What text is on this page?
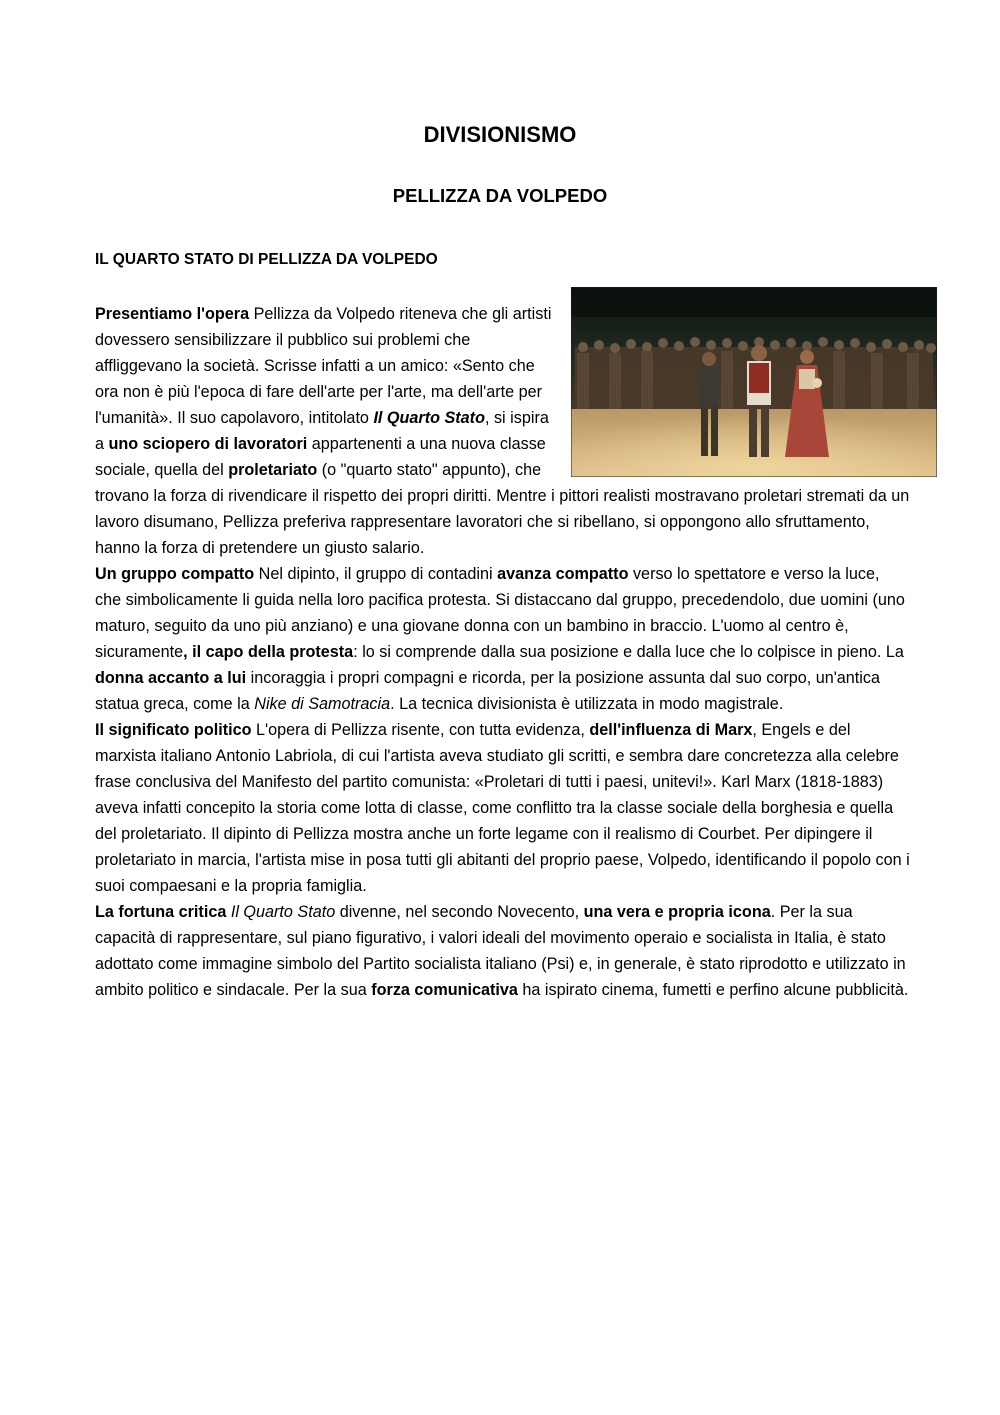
DIVISIONISMO
PELLIZZA DA VOLPEDO
IL QUARTO STATO DI PELLIZZA DA VOLPEDO

Presentiamo l'opera Pellizza da Volpedo riteneva che gli artisti dovessero sensibilizzare il pubblico sui problemi che affliggevano la società. Scrisse infatti a un amico: «Sento che ora non è più l'epoca di fare dell'arte per l'arte, ma dell'arte per l'umanità». Il suo capolavoro, intitolato Il Quarto Stato, si ispira a uno sciopero di lavoratori appartenenti a una nuova classe sociale, quella del proletariato (o "quarto stato" appunto), che trovano la forza di rivendicare il rispetto dei propri diritti. Mentre i pittori realisti mostravano proletari stremati da un lavoro disumano, Pellizza preferiva rappresentare lavoratori che si ribellano, si oppongono allo sfruttamento, hanno la forza di pretendere un giusto salario.

Un gruppo compatto Nel dipinto, il gruppo di contadini avanza compatto verso lo spettatore e verso la luce, che simbolicamente li guida nella loro pacifica protesta. Si distaccano dal gruppo, precedendolo, due uomini (uno maturo, seguito da uno più anziano) e una giovane donna con un bambino in braccio. L'uomo al centro è, sicuramente, il capo della protesta: lo si comprende dalla sua posizione e dalla luce che lo colpisce in pieno. La donna accanto a lui incoraggia i propri compagni e ricorda, per la posizione assunta dal suo corpo, un'antica statua greca, come la Nike di Samotracia. La tecnica divisionista è utilizzata in modo magistrale.

Il significato politico L'opera di Pellizza risente, con tutta evidenza, dell'influenza di Marx, Engels e del marxista italiano Antonio Labriola, di cui l'artista aveva studiato gli scritti, e sembra dare concretezza alla celebre frase conclusiva del Manifesto del partito comunista: «Proletari di tutti i paesi, unitevi!». Karl Marx (1818-1883) aveva infatti concepito la storia come lotta di classe, come conflitto tra la classe sociale della borghesia e quella del proletariato. Il dipinto di Pellizza mostra anche un forte legame con il realismo di Courbet. Per dipingere il proletariato in marcia, l'artista mise in posa tutti gli abitanti del proprio paese, Volpedo, identificando il popolo con i suoi compaesani e la propria famiglia.

La fortuna critica Il Quarto Stato divenne, nel secondo Novecento, una vera e propria icona. Per la sua capacità di rappresentare, sul piano figurativo, i valori ideali del movimento operaio e socialista in Italia, è stato adottato come immagine simbolo del Partito socialista italiano (Psi) e, in generale, è stato riprodotto e utilizzato in ambito politico e sindacale. Per la sua forza comunicativa ha ispirato cinema, fumetti e perfino alcune pubblicità.
